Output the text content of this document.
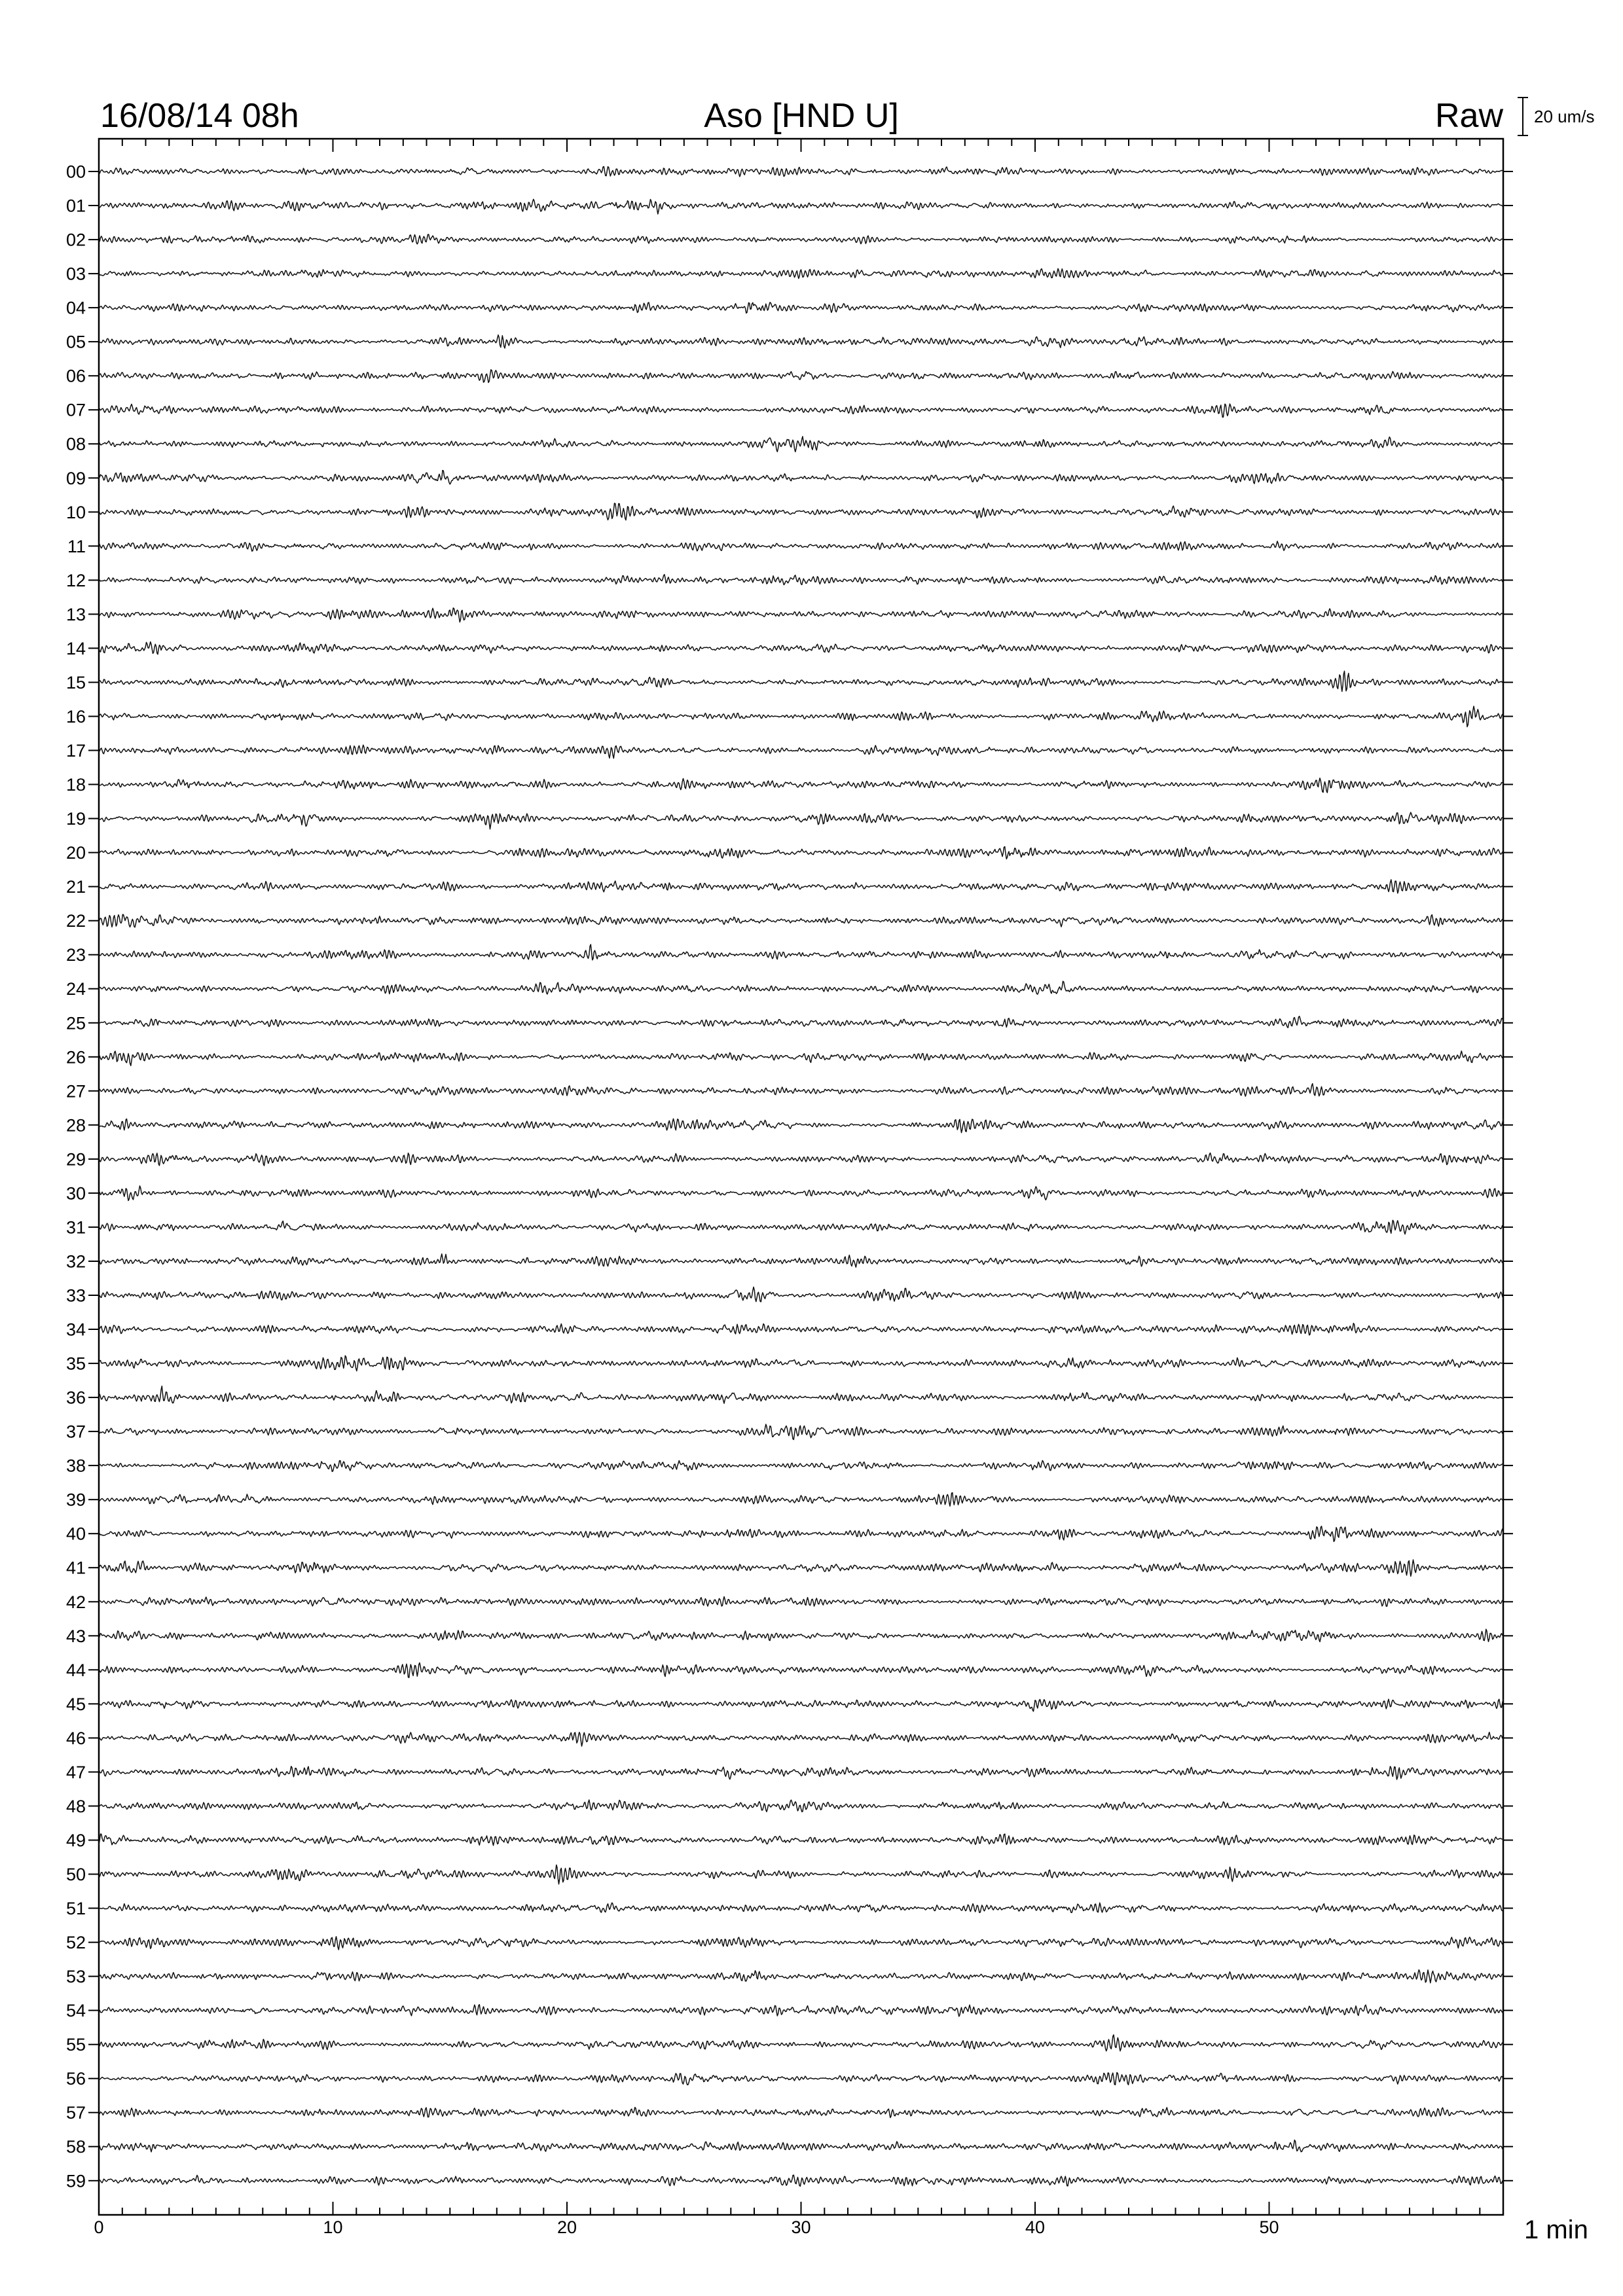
16/08/14 08h	Aso [HND U]	Raw 20 um/s
1 min
0	10	20	30	40	50
00
01
02
03
04
05
06
07
08
09
10
11
12
13
14
15
16
17
18
19
20
21
22
23
24
25
26
27
28
29
30
31
32
33
34
35
36
37
38
39
40
41
42
43
44
45
46
47
48
49
50
51
52
53
54
55
56
57
58
59
